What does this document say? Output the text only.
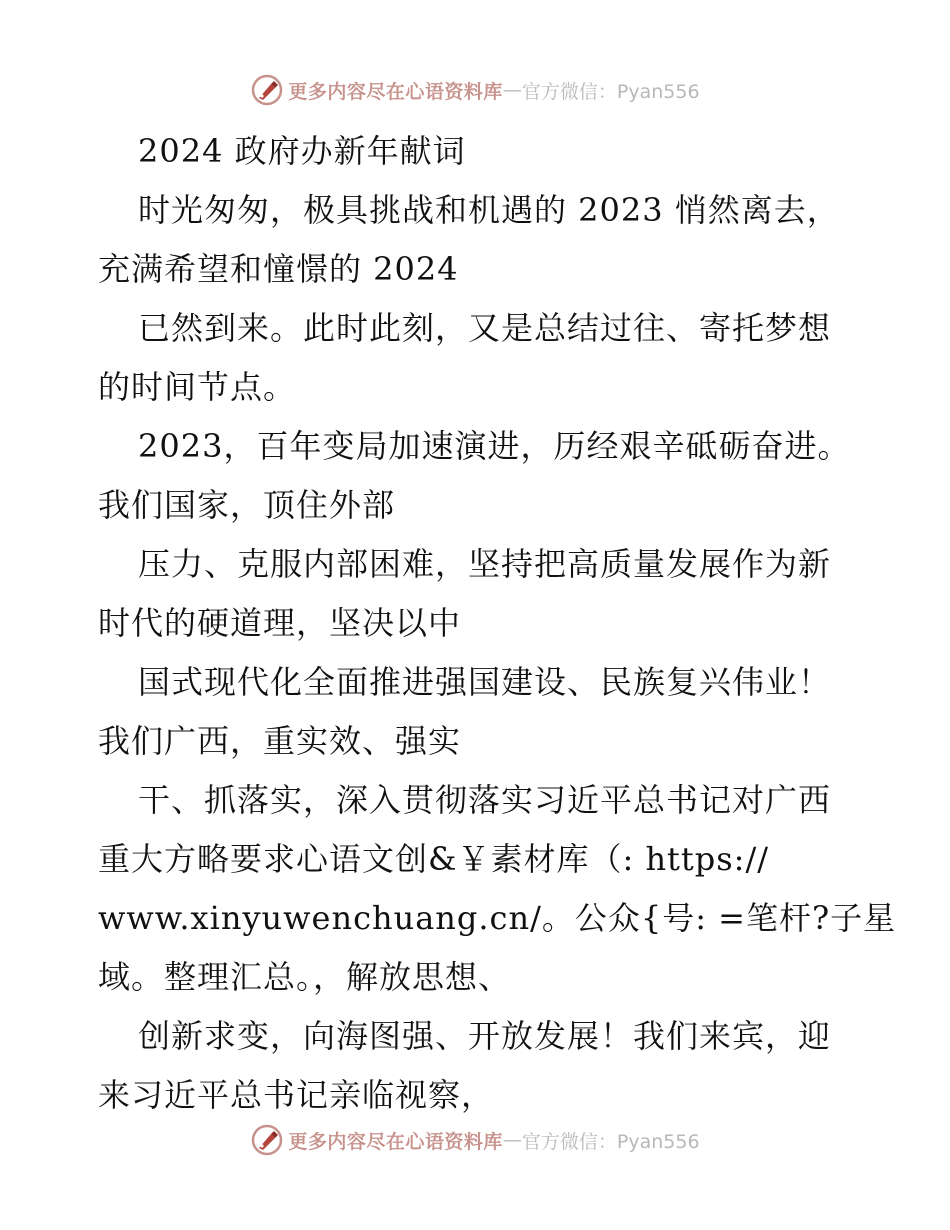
更多内容尽在心语资料库 — 官方微信：Pyan556
2024 政府办新年献词
时光匆匆，极具挑战和机遇的 2023 悄然离去，
充满希望和憧憬的 2024
已然到来。此时此刻，又是总结过往、寄托梦想
的时间节点。
2023，百年变局加速演进，历经艰辛砥砺奋进。
我们国家，顶住外部
压力、克服内部困难，坚持把高质量发展作为新
时代的硬道理，坚决以中
国式现代化全面推进强国建设、民族复兴伟业！
我们广西，重实效、强实
干、抓落实，深入贯彻落实习近平总书记对广西
重大方略要求心语文创&￥素材库（: https://
www.xinyuwenchuang.cn/。公众{号: =笔杆?子星
域。整理汇总。，解放思想、
创新求变，向海图强、开放发展！我们来宾，迎
来习近平总书记亲临视察，
更多内容尽在心语资料库 — 官方微信：Pyan556
